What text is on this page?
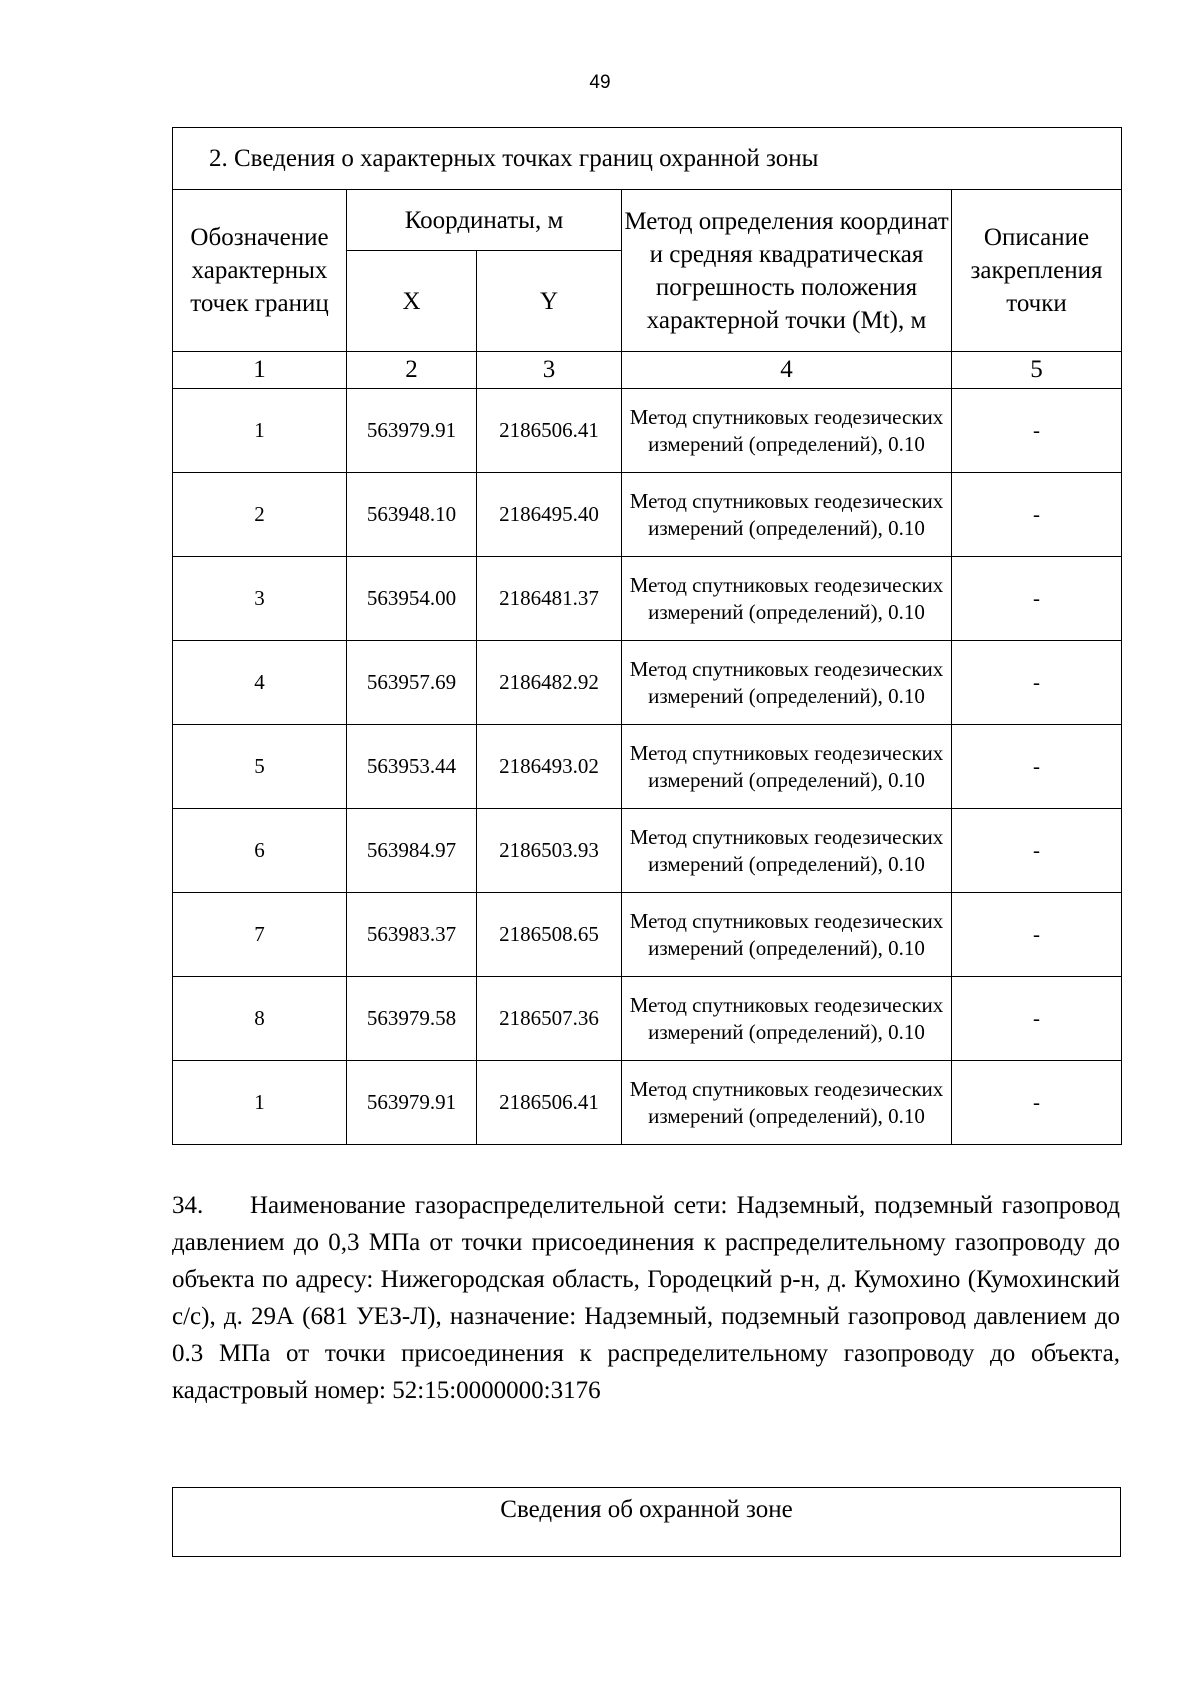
49
2. Сведения о характерных точках границ охранной зоны				
Обозначение характерных точек границ	Координаты, м		Метод определения координат и средняя квадратическая погрешность положения характерной точки (Mt), м	Описание закрепления точки
	X	Y		
1	2	3	4	5
1	563979.91	2186506.41	Метод спутниковых геодезических измерений (определений), 0.10	-
2	563948.10	2186495.40	Метод спутниковых геодезических измерений (определений), 0.10	-
3	563954.00	2186481.37	Метод спутниковых геодезических измерений (определений), 0.10	-
4	563957.69	2186482.92	Метод спутниковых геодезических измерений (определений), 0.10	-
5	563953.44	2186493.02	Метод спутниковых геодезических измерений (определений), 0.10	-
6	563984.97	2186503.93	Метод спутниковых геодезических измерений (определений), 0.10	-
7	563983.37	2186508.65	Метод спутниковых геодезических измерений (определений), 0.10	-
8	563979.58	2186507.36	Метод спутниковых геодезических измерений (определений), 0.10	-
1	563979.91	2186506.41	Метод спутниковых геодезических измерений (определений), 0.10	-

34. Наименование газораспределительной сети: Надземный, подземный газопровод давлением до 0,3 МПа от точки присоединения к распределительному газопроводу до объекта по адресу: Нижегородская область, Городецкий р-н, д. Кумохино (Кумохинский с/с), д. 29А (681 УЕЗ-Л), назначение: Надземный, подземный газопровод давлением до 0.3 МПа от точки присоединения к распределительному газопроводу до объекта, кадастровый номер: 52:15:0000000:3176

Сведения об охранной зоне
